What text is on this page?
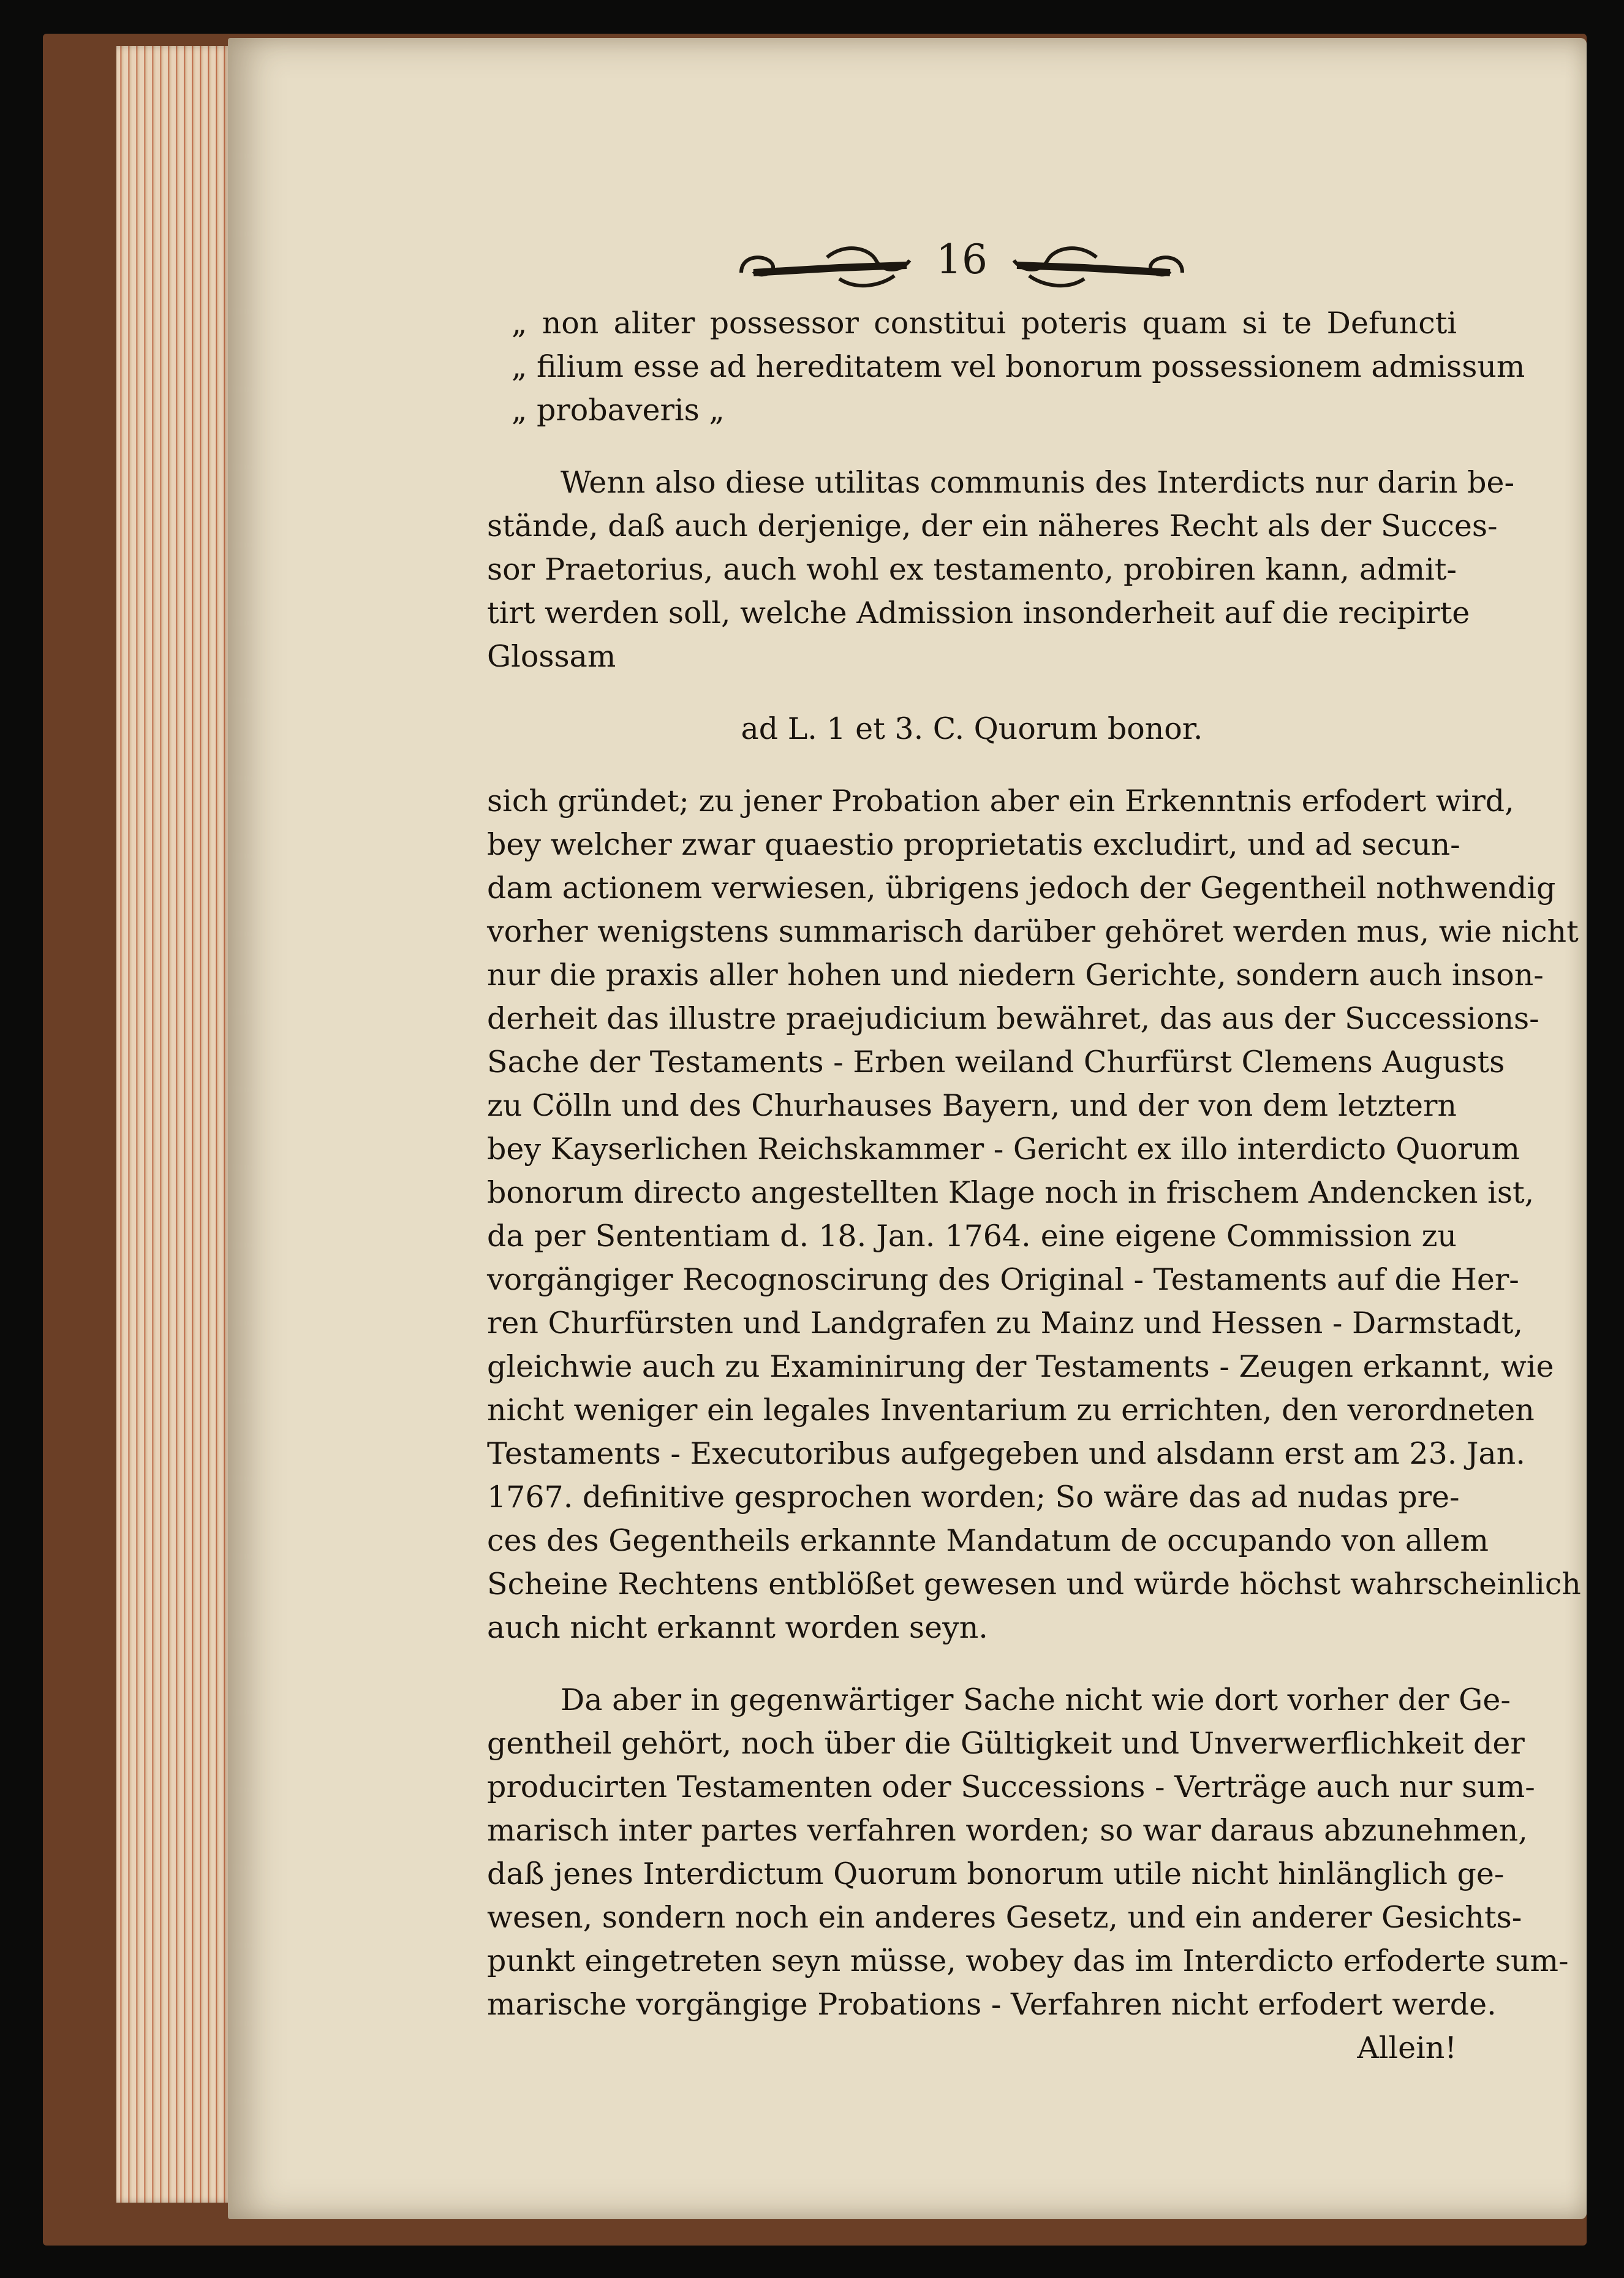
16
„ non aliter possessor constitui poteris quam si te Defuncti
„ filium esse ad hereditatem vel bonorum possessionem admissum
„ probaveris „
Wenn also diese utilitas communis des Interdicts nur darin be-
stände, daß auch derjenige, der ein näheres Recht als der Succes-
sor Praetorius, auch wohl ex testamento, probiren kann, admit-
tirt werden soll, welche Admission insonderheit auf die recipirte
Glossam
ad L. 1 et 3. C. Quorum bonor.
sich gründet; zu jener Probation aber ein Erkenntnis erfodert wird,
bey welcher zwar quaestio proprietatis excludirt, und ad secun-
dam actionem verwiesen, übrigens jedoch der Gegentheil nothwendig
vorher wenigstens summarisch darüber gehöret werden mus, wie nicht
nur die praxis aller hohen und niedern Gerichte, sondern auch inson-
derheit das illustre praejudicium bewähret, das aus der Successions-
Sache der Testaments - Erben weiland Churfürst Clemens Augusts
zu Cölln und des Churhauses Bayern, und der von dem letztern
bey Kayserlichen Reichskammer - Gericht ex illo interdicto Quorum
bonorum directo angestellten Klage noch in frischem Andencken ist,
da per Sententiam d. 18. Jan. 1764. eine eigene Commission zu
vorgängiger Recognoscirung des Original - Testaments auf die Her-
ren Churfürsten und Landgrafen zu Mainz und Hessen - Darmstadt,
gleichwie auch zu Examinirung der Testaments - Zeugen erkannt, wie
nicht weniger ein legales Inventarium zu errichten, den verordneten
Testaments - Executoribus aufgegeben und alsdann erst am 23. Jan.
1767. definitive gesprochen worden; So wäre das ad nudas pre-
ces des Gegentheils erkannte Mandatum de occupando von allem
Scheine Rechtens entblößet gewesen und würde höchst wahrscheinlich
auch nicht erkannt worden seyn.
Da aber in gegenwärtiger Sache nicht wie dort vorher der Ge-
gentheil gehört, noch über die Gültigkeit und Unverwerflichkeit der
producirten Testamenten oder Successions - Verträge auch nur sum-
marisch inter partes verfahren worden; so war daraus abzunehmen,
daß jenes Interdictum Quorum bonorum utile nicht hinlänglich ge-
wesen, sondern noch ein anderes Gesetz, und ein anderer Gesichts-
punkt eingetreten seyn müsse, wobey das im Interdicto erfoderte sum-
marische vorgängige Probations - Verfahren nicht erfodert werde.
Allein!
